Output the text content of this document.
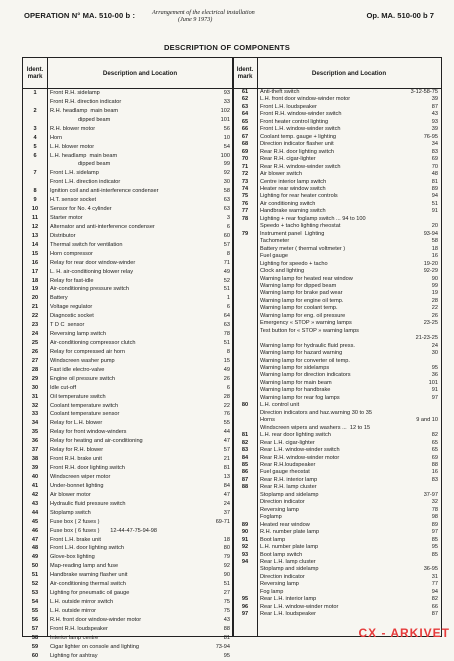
OPERATION N° MA. 510-00 b :	Arrangement of the electrical installation
(June 9 1973)	Op. MA. 510-00 b 7
DESCRIPTION OF COMPONENTS
Ident. mark	Description and Location	Ident. mark	Description and Location
1	Front R.H. sidelamp	93
Front R.H. direction indicator	33
2	R.H. headlamp  main beam	102
dipped beam	101
3	R.H. blower motor	56
4	Horn	10
5	L.H. blower motor	54
6	L.H. headlamp  main beam	100
dipped beam	99
7	Front L.H. sidelamp	92
Front L.H. direction indicator	30
8	Ignition coil and anti-interference condenser	58
9	H.T. sensor socket	63
10	Sensor for No. 4 cylinder	63
11	Starter motor	3
12	Alternator and anti-interference condenser	6
13	Distributor	60
14	Thermal switch for ventilation	57
15	Horn compressor	8
16	Relay for rear door window-winder	71
17	L. H. air-conditioning blower relay	49
18	Relay for fast-idle	52
19	Air-conditioning pressure switch	51
20	Battery	1
21	Voltage regulator	6
22	Diagnostic socket	64
23	T D C  sensor	63
24	Reversing lamp switch	78
25	Air-conditioning compressor clutch	51
26	Relay for compressed air horn	8
27	Windscreen washer pump	15
28	Fast idle electro-valve	49
29	Engine oil pressure switch	26
30	Idle cut-off	6
31	Oil temperature switch	28
32	Coolant temperature switch	22
33	Coolant temperature sensor	76
34	Relay for L.H. blower	55
35	Relay for front window-winders	44
36	Relay for heating and air-conditioning	47
37	Relay for R.H. blower	57
38	Front R.H. brake unit	21
39	Front R.H. door lighting switch	81
40	Windscreen wiper motor	13
41	Under-bonnet lighting	84
42	Air blower motor	47
43	Hydraulic fluid pressure switch	24
44	Stoplamp switch	37
45	Fuse box ( 2 fuses )	69-71
46	Fuse box ( 6 fuses )       12-44-47-75-94-98
47	Front L.H. brake unit	18
48	Front L.H. door lighting switch	80
49	Glove-box lighting	79
50	Map-reading lamp and fuse	92
51	Handbrake warning flasher unit	90
52	Air-conditioning thermal switch	51
53	Lighting for pneumatic oil gauge	27
54	L.H. outside mirror switch	75
55	L.H. outside mirror	75
56	R.H. front door window-winder motor	43
57	Front R.H. loudspeaker	88
58	Interior lamp centre	81
59	Cigar lighter on console and lighting	73-94
60	Lighting for ashtray	95
61	Anti-theft switch	3-12-58-75
62	L.H. front door window-winder motor	39
63	Front L.H. loudspeaker	87
64	Front R.H. window-winder switch	43
65	Front heater control lighting	93
66	Front L.H. window-winder switch	39
67	Coolant temp. gauge + lighting	76-95
68	Direction indicator flasher unit	34
69	Rear R.H. door lighting switch	83
70	Rear R.H. cigar-lighter	69
71	Rear R.H. window-winder switch	70
72	Air blower switch	48
73	Centre interior lamp switch	81
74	Heater rear window switch	89
75	Lighting for rear heater controls	94
76	Air conditioning switch	51
77	Handbrake warning switch	91
78	Lighting + rear foglamp switch ... 94 to 100
Speedo + tacho lighting rheostat	20
79	Instrument panel  Lighting	93-94
Tachometer	58
Battery meter ( thermal voltmeter )	18
Fuel gauge	16
Lighting for speedo + tacho	19-20
Clock and lighting	92-29
Warning lamp for heated rear window	90
Warning lamp for dipped beam	99
Warning lamp for brake pad wear	19
Warning lamp for engine oil temp.	28
Warning lamp for coolant temp.	22
Warning lamp for eng. oil pressure	26
Emergency « STOP » warning lamps	23-25
Test button for « STOP » warning lamps
21-23-25
Warning lamp for hydraulic fluid press.	24
Warning lamp for hazard warning	30
Warning lamp for converter oil temp.
Warning lamp for sidelamps	95
Warning lamp for direction indicators	36
Warning lamp for main beam	101
Warning lamp for handbrake	91
Warning lamp for rear fog lamps	97
80	L.H. control unit
Direction indicators and haz.warning 30 to 35
Horns	9 and 10
Windscreen wipers and washers ...  12 to 15
81	L.H. rear door lighting switch	82
82	Rear L.H. cigar-lighter	65
83	Rear L.H. window-winder switch	65
84	Rear R.H. window-winder motor	69
85	Rear R.H.loudspeaker	88
86	Fuel gauge rheostat	16
87	Rear R.H. interior lamp	83
88	Rear R.H. lamp cluster
Stoplamp and sidelamp	37-97
Direction indicator	32
Reversing lamp	78
Foglamp	98
89	Heated rear window	89
90	R.H. number plate lamp	97
91	Boot lamp	85
92	L.H. number plate lamp	95
93	Boot lamp switch	85
94	Rear L.H. lamp cluster
Stoplamp and sidelamp	36-95
Direction indicator	31
Reversing lamp	77
Fog lamp	94
95	Rear L.H. interior lamp	82
96	Rear L.H. window-winder motor	66
97	Rear L.H. loudspeaker	87
CX - ARKIVET
